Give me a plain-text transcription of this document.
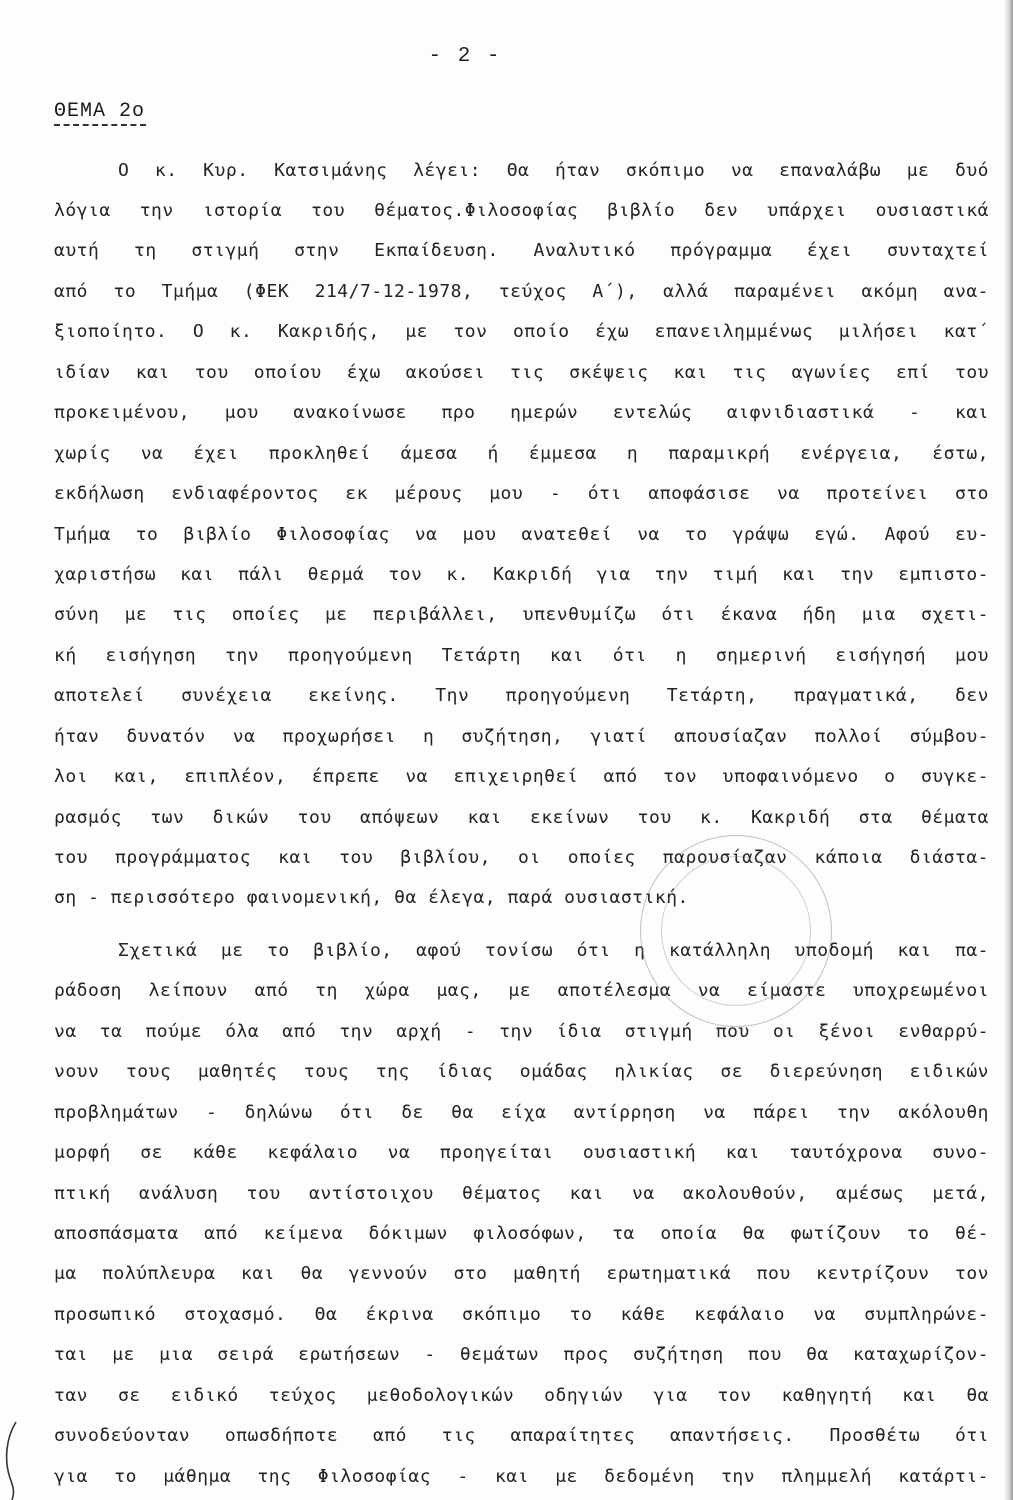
- 2 -
ΘΕΜΑ 2ο
Ο κ. Κυρ. Κατσιμάνης λέγει: Θα ήταν σκόπιμο να επαναλάβω με δυό
λόγια την ιστορία του θέματος.Φιλοσοφίας βιβλίο δεν υπάρχει ουσιαστικά
αυτή τη στιγμή στην Εκπαίδευση. Αναλυτικό πρόγραμμα έχει συνταχτεί
από το Τμήμα (ΦΕΚ 214/7-12-1978, τεύχος Α΄), αλλά παραμένει ακόμη ανα-
ξιοποίητο. Ο κ. Κακριδής, με τον οποίο έχω επανειλημμένως μιλήσει κατ΄
ιδίαν και του οποίου έχω ακούσει τις σκέψεις και τις αγωνίες επί του
προκειμένου, μου ανακοίνωσε προ ημερών εντελώς αιφνιδιαστικά - και
χωρίς να έχει προκληθεί άμεσα ή έμμεσα η παραμικρή ενέργεια, έστω,
εκδήλωση ενδιαφέροντος εκ μέρους μου - ότι αποφάσισε να προτείνει στο
Τμήμα το βιβλίο Φιλοσοφίας να μου ανατεθεί να το γράψω εγώ. Αφού ευ-
χαριστήσω και πάλι θερμά τον κ. Κακριδή για την τιμή και την εμπιστο-
σύνη με τις οποίες με περιβάλλει, υπενθυμίζω ότι έκανα ήδη μια σχετι-
κή εισήγηση την προηγούμενη Τετάρτη και ότι η σημερινή εισήγησή μου
αποτελεί συνέχεια εκείνης. Την προηγούμενη Τετάρτη, πραγματικά, δεν
ήταν δυνατόν να προχωρήσει η συζήτηση, γιατί απουσίαζαν πολλοί σύμβου-
λοι και, επιπλέον, έπρεπε να επιχειρηθεί από τον υποφαινόμενο ο συγκε-
ρασμός των δικών του απόψεων και εκείνων του κ. Κακριδή στα θέματα
του προγράμματος και του βιβλίου, οι οποίες παρουσίαζαν κάποια διάστα-
ση - περισσότερο φαινομενική, θα έλεγα, παρά ουσιαστική.
Σχετικά με το βιβλίο, αφού τονίσω ότι η κατάλληλη υποδομή και πα-
ράδοση λείπουν από τη χώρα μας, με αποτέλεσμα να είμαστε υποχρεωμένοι
να τα πούμε όλα από την αρχή - την ίδια στιγμή που οι ξένοι ενθαρρύ-
νουν τους μαθητές τους της ίδιας ομάδας ηλικίας σε διερεύνηση ειδικών
προβλημάτων - δηλώνω ότι δε θα είχα αντίρρηση να πάρει την ακόλουθη
μορφή σε κάθε κεφάλαιο να προηγείται ουσιαστική και ταυτόχρονα συνο-
πτική ανάλυση του αντίστοιχου θέματος και να ακολουθούν, αμέσως μετά,
αποσπάσματα από κείμενα δόκιμων φιλοσόφων, τα οποία θα φωτίζουν το θέ-
μα πολύπλευρα και θα γεννούν στο μαθητή ερωτηματικά που κεντρίζουν τον
προσωπικό στοχασμό. Θα έκρινα σκόπιμο το κάθε κεφάλαιο να συμπληρώνε-
ται με μια σειρά ερωτήσεων - θεμάτων προς συζήτηση που θα καταχωρίζον-
ταν σε ειδικό τεύχος μεθοδολογικών οδηγιών για τον καθηγητή και θα
συνοδεύονταν οπωσδήποτε από τις απαραίτητες απαντήσεις. Προσθέτω ότι
για το μάθημα της Φιλοσοφίας - και με δεδομένη την πλημμελή κατάρτι-
